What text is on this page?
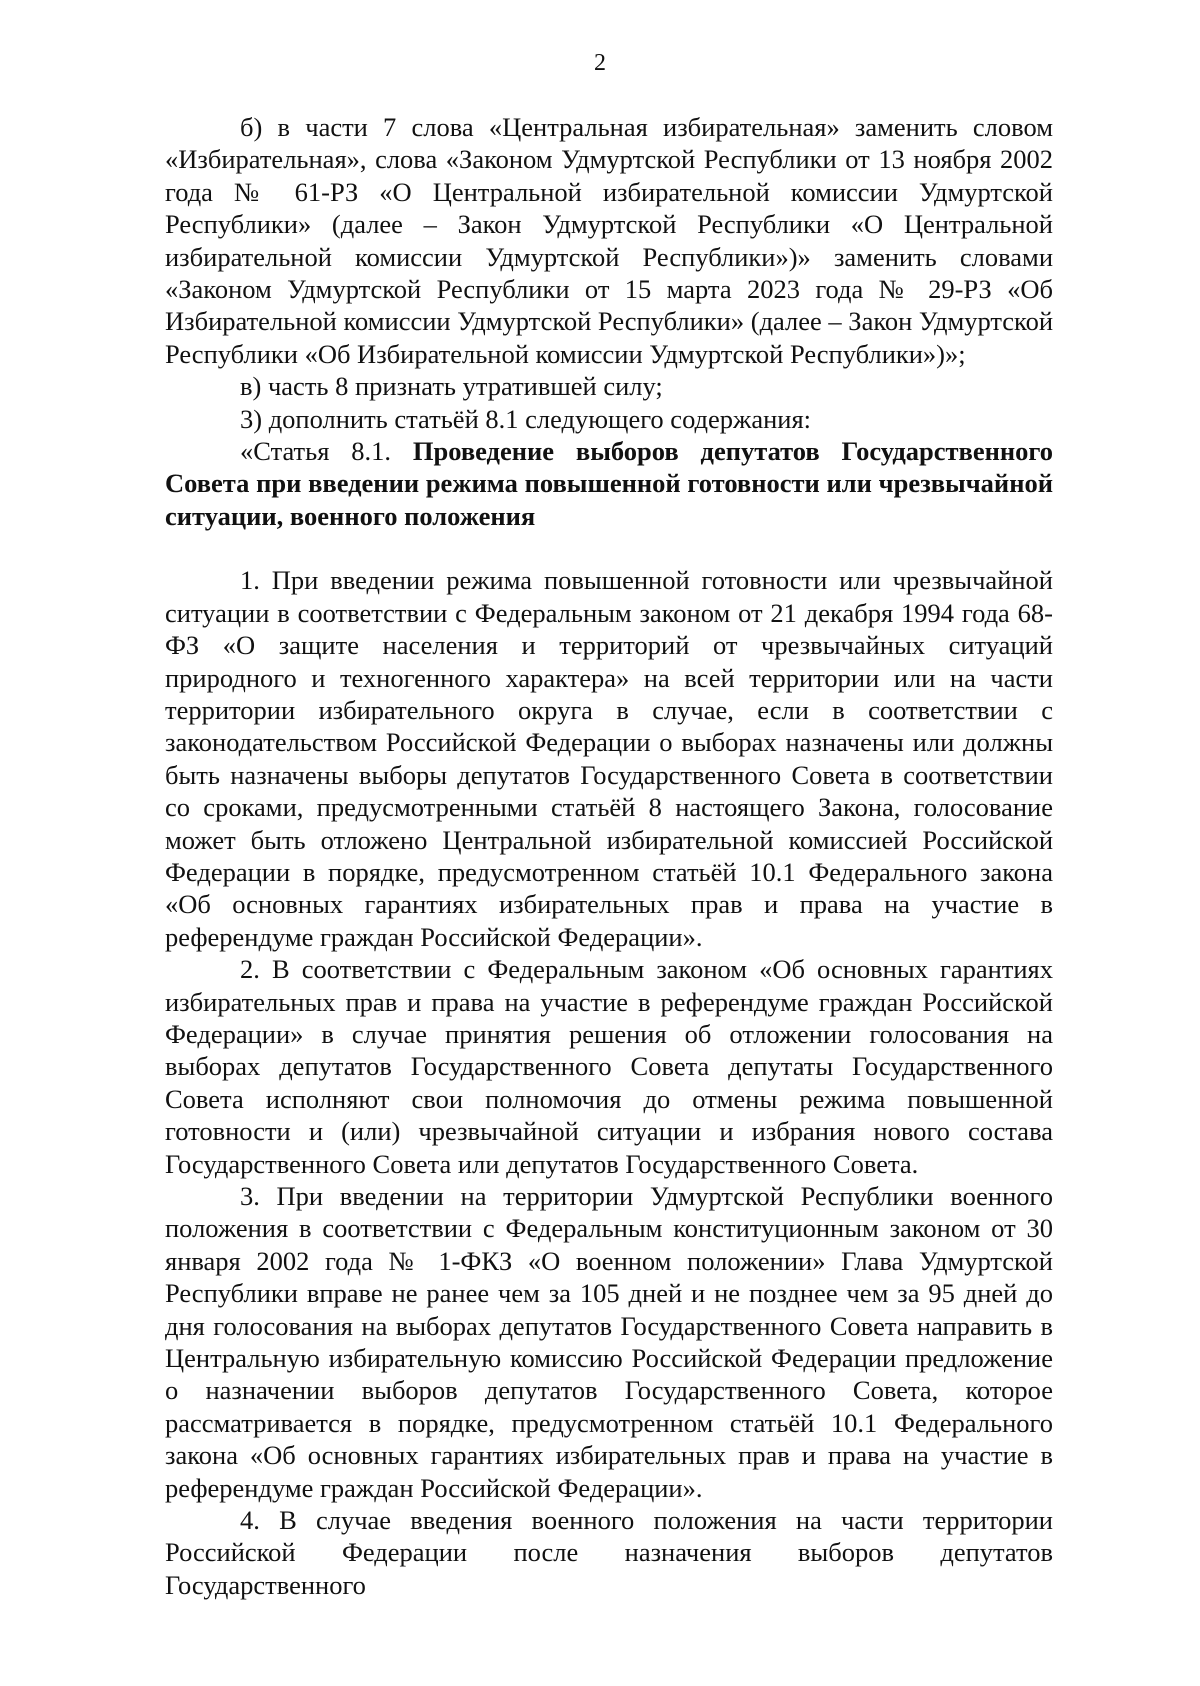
2

б) в части 7 слова «Центральная избирательная» заменить словом «Избирательная», слова «Законом Удмуртской Республики от 13 ноября 2002 года № 61-РЗ «О Центральной избирательной комиссии Удмуртской Республики» (далее – Закон Удмуртской Республики «О Центральной избирательной комиссии Удмуртской Республики»)» заменить словами «Законом Удмуртской Республики от 15 марта 2023 года № 29-РЗ «Об Избирательной комиссии Удмуртской Республики» (далее – Закон Удмуртской Республики «Об Избирательной комиссии Удмуртской Республики»)»;

в) часть 8 признать утратившей силу;

3) дополнить статьёй 8.1 следующего содержания:

«Статья 8.1. Проведение выборов депутатов Государственного Совета при введении режима повышенной готовности или чрезвычайной ситуации, военного положения

1. При введении режима повышенной готовности или чрезвычайной ситуации в соответствии с Федеральным законом от 21 декабря 1994 года 68-ФЗ «О защите населения и территорий от чрезвычайных ситуаций природного и техногенного характера» на всей территории или на части территории избирательного округа в случае, если в соответствии с законодательством Российской Федерации о выборах назначены или должны быть назначены выборы депутатов Государственного Совета в соответствии со сроками, предусмотренными статьёй 8 настоящего Закона, голосование может быть отложено Центральной избирательной комиссией Российской Федерации в порядке, предусмотренном статьёй 10.1 Федерального закона «Об основных гарантиях избирательных прав и права на участие в референдуме граждан Российской Федерации».

2. В соответствии с Федеральным законом «Об основных гарантиях избирательных прав и права на участие в референдуме граждан Российской Федерации» в случае принятия решения об отложении голосования на выборах депутатов Государственного Совета депутаты Государственного Совета исполняют свои полномочия до отмены режима повышенной готовности и (или) чрезвычайной ситуации и избрания нового состава Государственного Совета или депутатов Государственного Совета.

3. При введении на территории Удмуртской Республики военного положения в соответствии с Федеральным конституционным законом от 30 января 2002 года № 1-ФКЗ «О военном положении» Глава Удмуртской Республики вправе не ранее чем за 105 дней и не позднее чем за 95 дней до дня голосования на выборах депутатов Государственного Совета направить в Центральную избирательную комиссию Российской Федерации предложение о назначении выборов депутатов Государственного Совета, которое рассматривается в порядке, предусмотренном статьёй 10.1 Федерального закона «Об основных гарантиях избирательных прав и права на участие в референдуме граждан Российской Федерации».

4. В случае введения военного положения на части территории Российской Федерации после назначения выборов депутатов Государственного
